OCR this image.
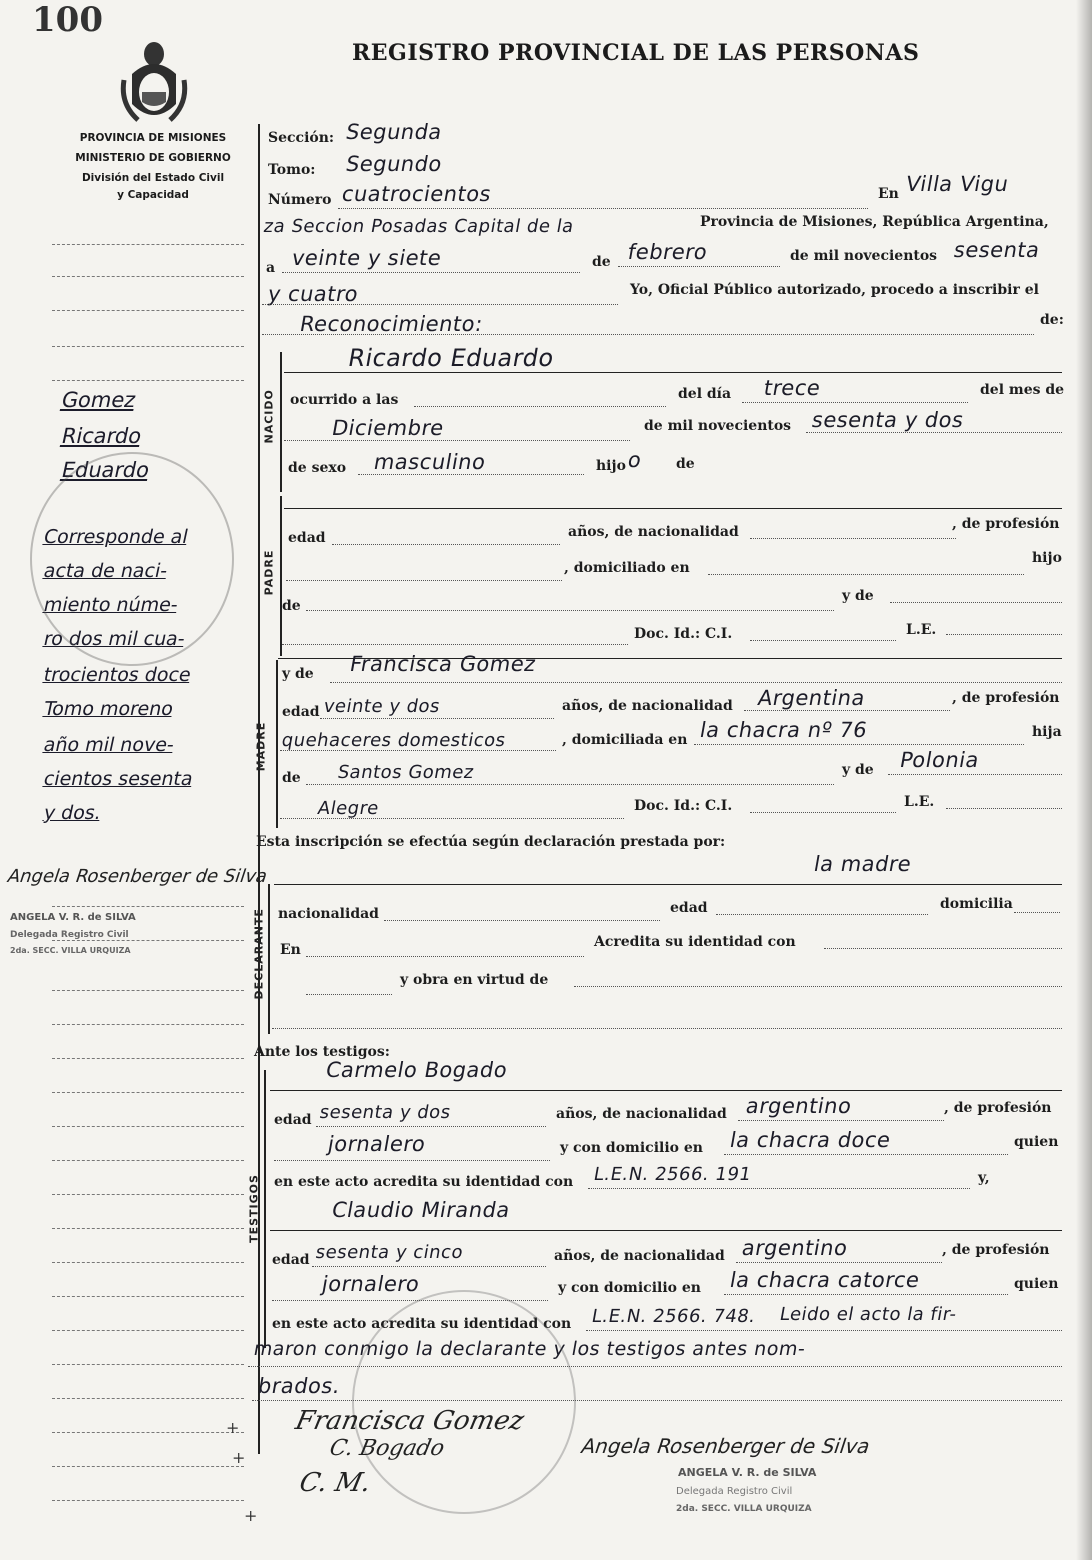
100
REGISTRO PROVINCIAL DE LAS PERSONAS
PROVINCIA DE MISIONES
MINISTERIO DE GOBIERNO
División del Estado Civil
y Capacidad
Gomez
Ricardo
Eduardo
Corresponde al
acta de naci-
miento núme-
ro dos mil cua-
trocientos doce
Tomo moreno
año mil nove-
cientos sesenta
y dos.
Angela Rosenberger de Silva
ANGELA V. R. de SILVA
Delegada Registro Civil
2da. SECC. VILLA URQUIZA
Sección: Segunda
Tomo: Segundo
Número cuatrocientos	En Villa Vigu
za Seccion Posadas Capital de la	Provincia de Misiones, República Argentina,
a veinte y siete	de febrero	de mil novecientos sesenta
y cuatro	Yo, Oficial Público autorizado, procedo a inscribir el
Reconocimiento:	de:
NACIDO
Ricardo Eduardo
ocurrido a las	del día trece	del mes de
Diciembre	de mil novecientos sesenta y dos
de sexo masculino	hijo o de
PADRE
edad	años, de nacionalidad	, de profesión
, domiciliado en
hijo
de
y de
Doc. Id.: C.I.	L.E.
MADRE
y de Francisca Gomez
edad veinte y dos	años, de nacionalidad Argentina	, de profesión
quehaceres domesticos	, domiciliada en la chacra nº 76	hija
de Santos Gomez	y de Polonia
Alegre	Doc. Id.: C.I.	L.E.
Esta inscripción se efectúa según declaración prestada por:
la madre
DECLARANTE nacionalidad	edad	domicilia
En	Acredita su identidad con
y obra en virtud de
Ante los testigos:
TESTIGOS
Carmelo Bogado
edad sesenta y dos	años, de nacionalidad argentino	, de profesión
jornalero	y con domicilio en la chacra doce	quien
en este acto acredita su identidad con L.E.N. 2566. 191	y,
Claudio Miranda
edad sesenta y cinco	años, de nacionalidad argentino	, de profesión
jornalero	y con domicilio en la chacra catorce	quien
en este acto acredita su identidad con L.E.N. 2566. 748. Leido el acto la fir-
maron conmigo la declarante y los testigos antes nom-
brados.
Francisca Gomez
C. Bogado
C. M.
Angela Rosenberger de Silva
ANGELA V. R. de SILVA
Delegada Registro Civil
2da. SECC. VILLA URQUIZA
+
+
+
